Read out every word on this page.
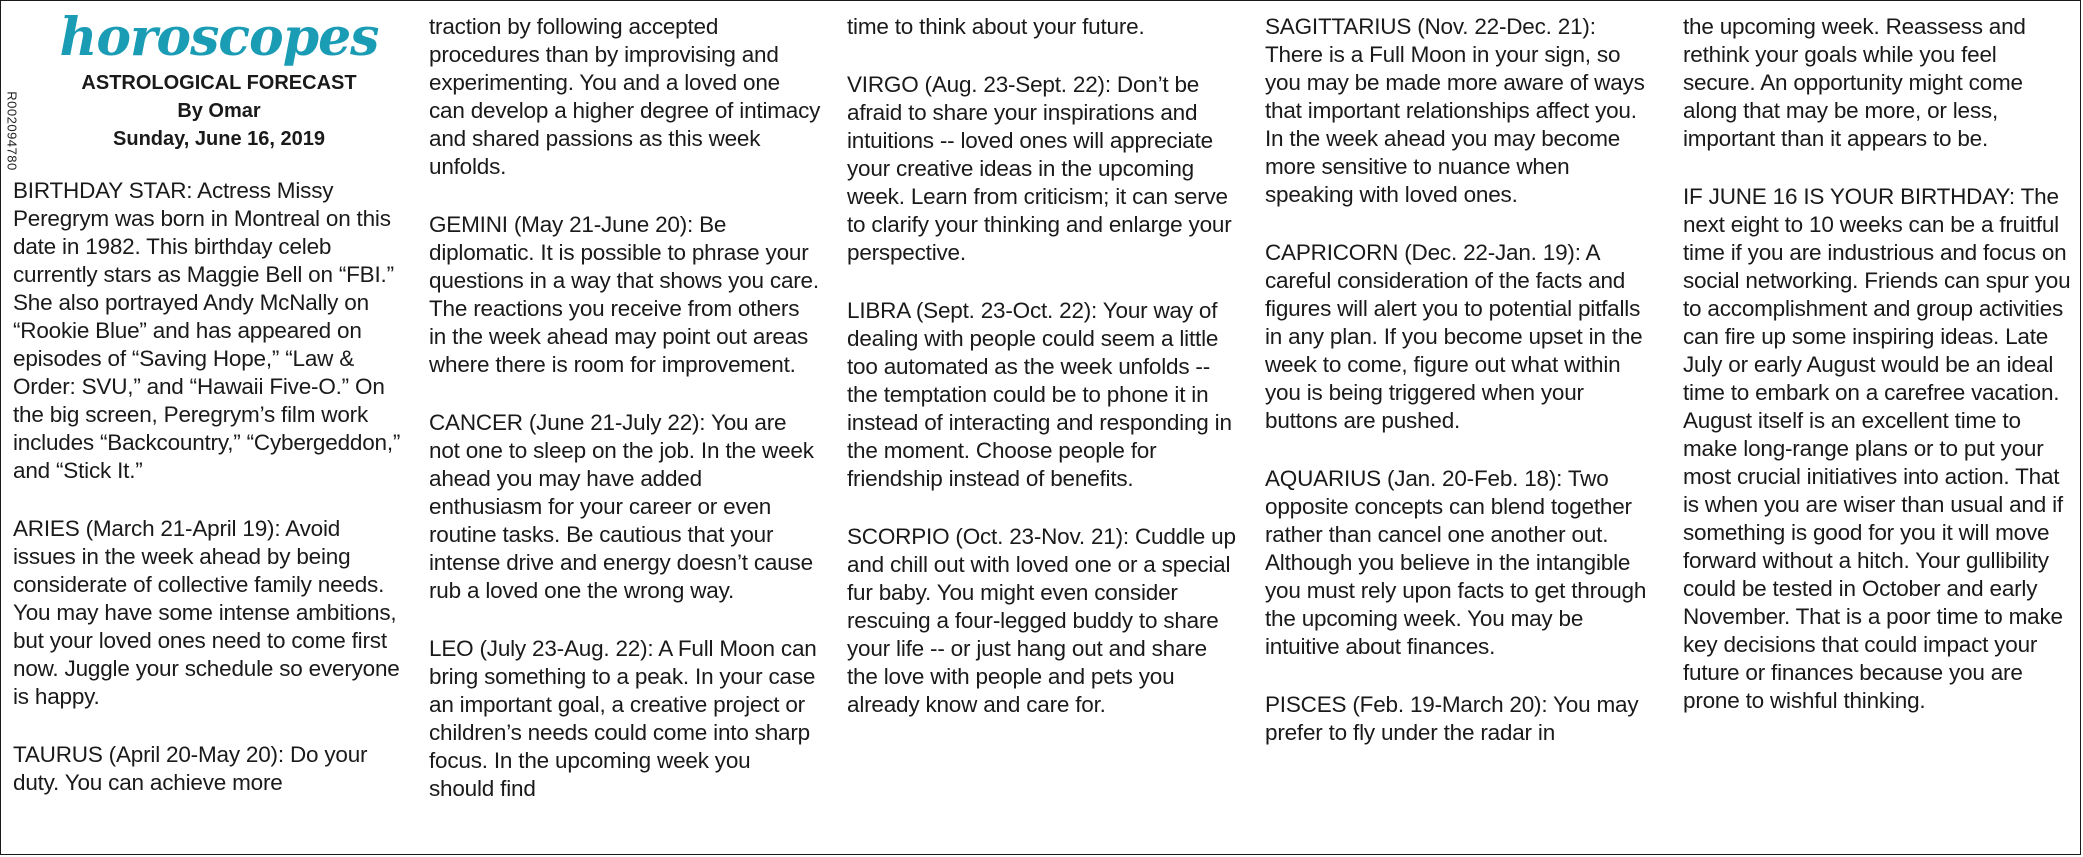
R002094780
horoscopes
ASTROLOGICAL FORECAST
By Omar
Sunday, June 16, 2019

BIRTHDAY STAR: Actress Missy Peregrym was born in Montreal on this date in 1982. This birthday celeb currently stars as Maggie Bell on “FBI.” She also portrayed Andy McNally on “Rookie Blue” and has appeared on episodes of “Saving Hope,” “Law & Order: SVU,” and “Hawaii Five-O.” On the big screen, Peregrym’s film work includes “Backcountry,” “Cybergeddon,” and “Stick It.”

ARIES (March 21-April 19): Avoid issues in the week ahead by being considerate of collective family needs. You may have some intense ambitions, but your loved ones need to come first now. Juggle your schedule so everyone is happy.

TAURUS (April 20-May 20): Do your duty. You can achieve more

traction by following accepted procedures than by improvising and experimenting. You and a loved one can develop a higher degree of intimacy and shared passions as this week unfolds.

GEMINI (May 21-June 20): Be diplomatic. It is possible to phrase your questions in a way that shows you care. The reactions you receive from others in the week ahead may point out areas where there is room for improvement.

CANCER (June 21-July 22): You are not one to sleep on the job. In the week ahead you may have added enthusiasm for your career or even routine tasks. Be cautious that your intense drive and energy doesn’t cause rub a loved one the wrong way.

LEO (July 23-Aug. 22): A Full Moon can bring something to a peak. In your case an important goal, a creative project or children’s needs could come into sharp focus. In the upcoming week you should find

time to think about your future.

VIRGO (Aug. 23-Sept. 22): Don’t be afraid to share your inspirations and intuitions -- loved ones will appreciate your creative ideas in the upcoming week. Learn from criticism; it can serve to clarify your thinking and enlarge your perspective.

LIBRA (Sept. 23-Oct. 22): Your way of dealing with people could seem a little too automated as the week unfolds -- the temptation could be to phone it in instead of interacting and responding in the moment. Choose people for friendship instead of benefits.

SCORPIO (Oct. 23-Nov. 21): Cuddle up and chill out with loved one or a special fur baby. You might even consider rescuing a four-legged buddy to share your life -- or just hang out and share the love with people and pets you already know and care for.

SAGITTARIUS (Nov. 22-Dec. 21): There is a Full Moon in your sign, so you may be made more aware of ways that important relationships affect you. In the week ahead you may become more sensitive to nuance when speaking with loved ones.

CAPRICORN (Dec. 22-Jan. 19): A careful consideration of the facts and figures will alert you to potential pitfalls in any plan. If you become upset in the week to come, figure out what within you is being triggered when your buttons are pushed.

AQUARIUS (Jan. 20-Feb. 18): Two opposite concepts can blend together rather than cancel one another out. Although you believe in the intangible you must rely upon facts to get through the upcoming week. You may be intuitive about finances.

PISCES (Feb. 19-March 20): You may prefer to fly under the radar in

the upcoming week. Reassess and rethink your goals while you feel secure. An opportunity might come along that may be more, or less, important than it appears to be.

IF JUNE 16 IS YOUR BIRTHDAY: The next eight to 10 weeks can be a fruitful time if you are industrious and focus on social networking. Friends can spur you to accomplishment and group activities can fire up some inspiring ideas. Late July or early August would be an ideal time to embark on a carefree vacation. August itself is an excellent time to make long-range plans or to put your most crucial initiatives into action. That is when you are wiser than usual and if something is good for you it will move forward without a hitch. Your gullibility could be tested in October and early November. That is a poor time to make key decisions that could impact your future or finances because you are prone to wishful thinking.
